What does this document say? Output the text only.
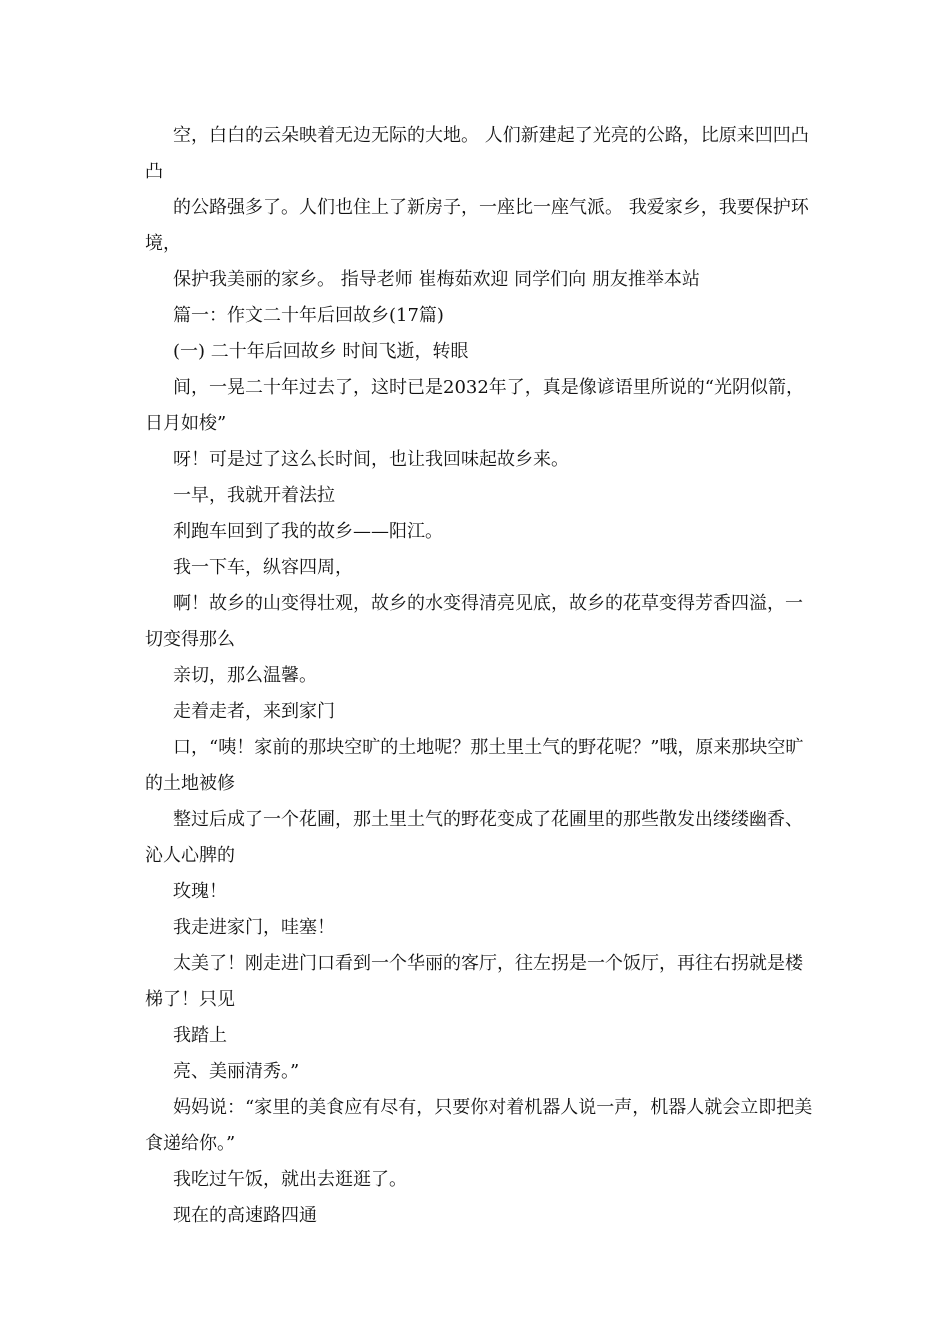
空，白白的云朵映着无边无际的大地。 人们新建起了光亮的公路，比原来凹凹凸凸

的公路强多了。人们也住上了新房子，一座比一座气派。 我爱家乡，我要保护环境，

保护我美丽的家乡。 指导老师 崔梅茹欢迎 同学们向 朋友推举本站

篇一：作文二十年后回故乡(17篇)

(一) 二十年后回故乡 时间飞逝，转眼

间，一晃二十年过去了，这时已是2032年了，真是像谚语里所说的“光阴似箭，日月如梭”

呀！可是过了这么长时间，也让我回味起故乡来。

一早，我就开着法拉

利跑车回到了我的故乡——阳江。

我一下车，纵容四周，

啊！故乡的山变得壮观，故乡的水变得清亮见底，故乡的花草变得芳香四溢，一切变得那么

亲切，那么温馨。

走着走者，来到家门

口，“咦！家前的那块空旷的土地呢？那土里土气的野花呢？”哦，原来那块空旷的土地被修

整过后成了一个花圃，那土里土气的野花变成了花圃里的那些散发出缕缕幽香、沁人心脾的

玫瑰！

我走进家门，哇塞！

太美了！刚走进门口看到一个华丽的客厅，往左拐是一个饭厅，再往右拐就是楼梯了！只见

我踏上

亮、美丽清秀。”

妈妈说：“家里的美食应有尽有，只要你对着机器人说一声，机器人就会立即把美食递给你。”

我吃过午饭，就出去逛逛了。

现在的高速路四通
